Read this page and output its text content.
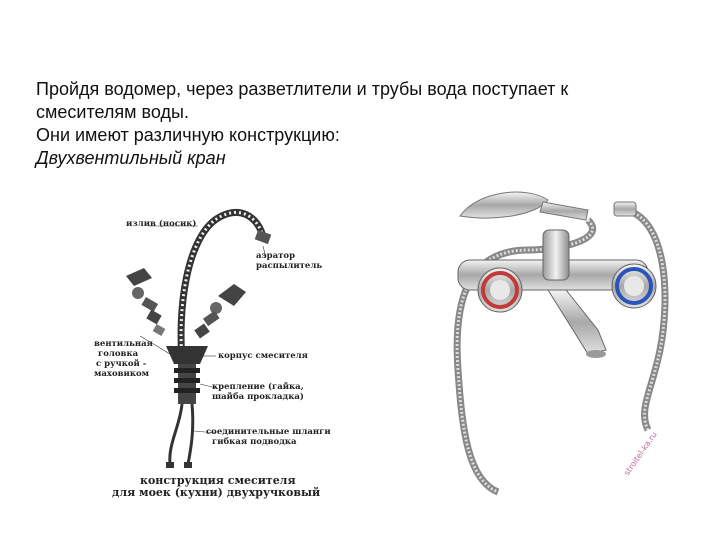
Пройдя водомер, через разветлители и трубы вода поступает к

смесителям воды.

Они имеют различную конструкцию:

Двухвентильный кран

излив (носик)
аэратор
распылитель
вентильная
головка
с ручкой -
маховиком
корпус смесителя
крепление (гайка,
шайба прокладка)
соединительные шланги
гибкая подводка
конструкция смесителя
для моек (кухни) двухручковый
stroitel-ka.ru
